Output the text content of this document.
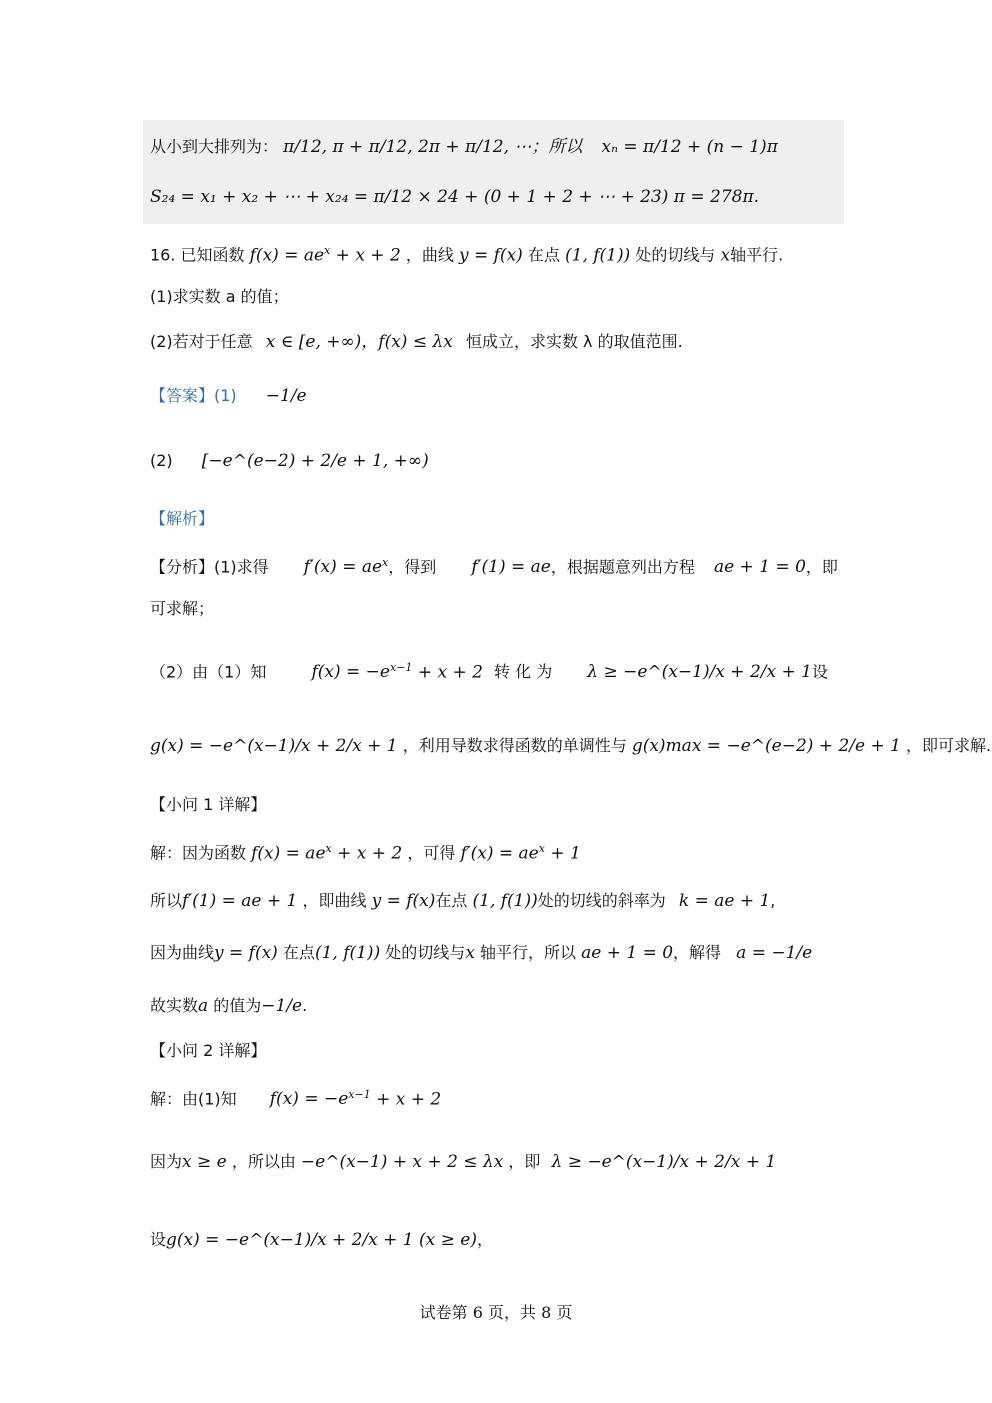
从小到大排列为： π/12, π + π/12, 2π + π/12, ⋯；所以 xₙ = π/12 + (n − 1)π
S₂₄ = x₁ + x₂ + ⋯ + x₂₄ = π/12 × 24 + (0 + 1 + 2 + ⋯ + 23) π = 278π.
16. 已知函数 $f(x) = ae^x + x + 2$ ，曲线 y = f(x) 在点 (1, f(1)) 处的切线与 x轴平行.
(1)求实数 a 的值；
(2)若对于任意 x ∈ [e, +∞)，f(x) ≤ λx 恒成立，求实数 λ 的取值范围.
【答案】(1) −1/e
(2) [−e^(e−2) + 2/e + 1, +∞)
【解析】
【分析】(1)求得 $f'(x) = ae^x$，得到 f′(1) = ae，根据题意列出方程 ae + 1 = 0，即
可求解；
（2）由（1）知	$f(x) = -e^{x-1} + x + 2$ 转 化 为 λ ≥ −e^(x−1)/x + 2/x + 1设
g(x) = −e^(x−1)/x + 2/x + 1 ，利用导数求得函数的单调性与 g(x)max = −e^(e−2) + 2/e + 1 ，即可求解.
【小问 1 详解】
解：因为函数 $f(x) = ae^x + x + 2$ ，可得 $f'(x) = ae^x + 1$
所以f′(1) = ae + 1 ，即曲线 y = f(x)在点 (1, f(1))处的切线的斜率为 k = ae + 1,
因为曲线y = f(x) 在点(1, f(1)) 处的切线与x 轴平行，所以 ae + 1 = 0，解得 a = −1/e
故实数a 的值为−1/e.
【小问 2 详解】
解：由(1)知 $f(x) = -e^{x-1} + x + 2$
因为x ≥ e ，所以由 −e^(x−1) + x + 2 ≤ λx ，即 λ ≥ −e^(x−1)/x + 2/x + 1
设g(x) = −e^(x−1)/x + 2/x + 1 (x ≥ e)，
试卷第 6 页，共 8 页
